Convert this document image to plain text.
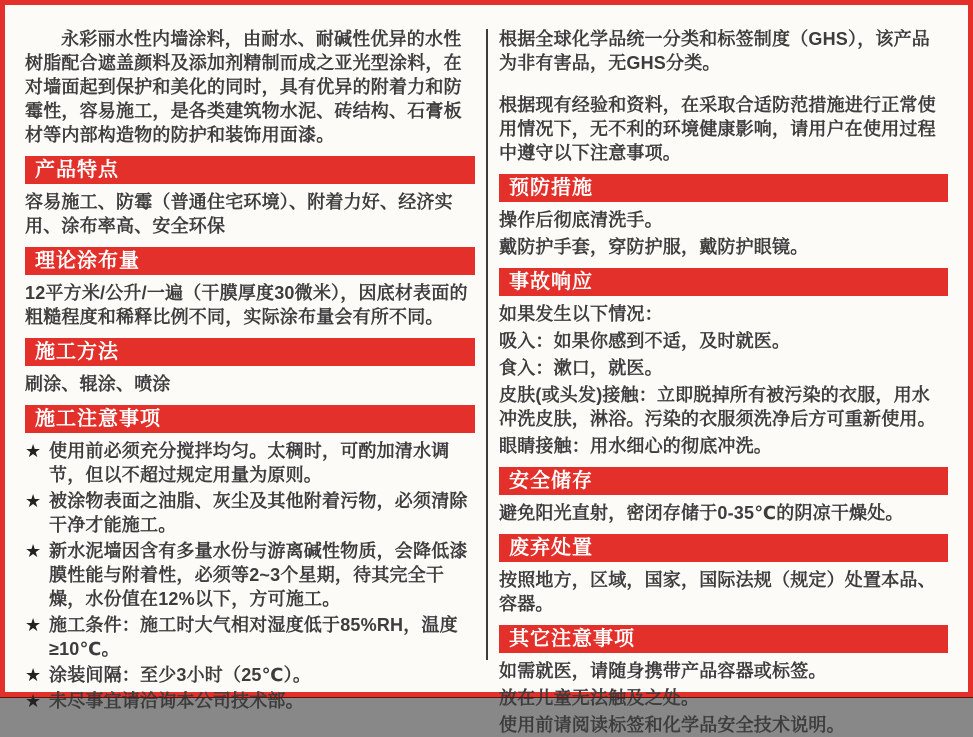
永彩丽水性内墙涂料，由耐水、耐碱性优异的水性树脂配合遮盖颜料及添加剂精制而成之亚光型涂料，在对墙面起到保护和美化的同时，具有优异的附着力和防霉性，容易施工，是各类建筑物水泥、砖结构、石膏板材等内部构造物的防护和装饰用面漆。

产品特点

容易施工、防霉（普通住宅环境）、附着力好、经济实用、涂布率高、安全环保

理论涂布量

12平方米/公升/一遍（干膜厚度30微米），因底材表面的粗糙程度和稀释比例不同，实际涂布量会有所不同。

施工方法

刷涂、辊涂、喷涂

施工注意事项
★ 使用前必须充分搅拌均匀。太稠时，可酌加清水调节，但以不超过规定用量为原则。
★ 被涂物表面之油脂、灰尘及其他附着污物，必须清除干净才能施工。
★ 新水泥墙因含有多量水份与游离碱性物质，会降低漆膜性能与附着性，必须等2~3个星期，待其完全干燥，水份值在12%以下，方可施工。
★ 施工条件：施工时大气相对湿度低于85%RH，温度≥10℃。
★ 涂装间隔：至少3小时（25℃）。
★ 未尽事宜请洽询本公司技术部。

根据全球化学品统一分类和标签制度（GHS），该产品为非有害品，无GHS分类。

根据现有经验和资料，在采取合适防范措施进行正常使用情况下，无不利的环境健康影响，请用户在使用过程中遵守以下注意事项。

预防措施

操作后彻底清洗手。

戴防护手套，穿防护服，戴防护眼镜。

事故响应

如果发生以下情况：

吸入：如果你感到不适，及时就医。

食入：漱口，就医。

皮肤(或头发)接触：立即脱掉所有被污染的衣服，用水冲洗皮肤，淋浴。污染的衣服须洗净后方可重新使用。

眼睛接触：用水细心的彻底冲洗。

安全储存

避免阳光直射，密闭存储于0-35℃的阴凉干燥处。

废弃处置

按照地方，区域，国家，国际法规（规定）处置本品、容器。

其它注意事项

如需就医，请随身携带产品容器或标签。

放在儿童无法触及之处。

使用前请阅读标签和化学品安全技术说明。
